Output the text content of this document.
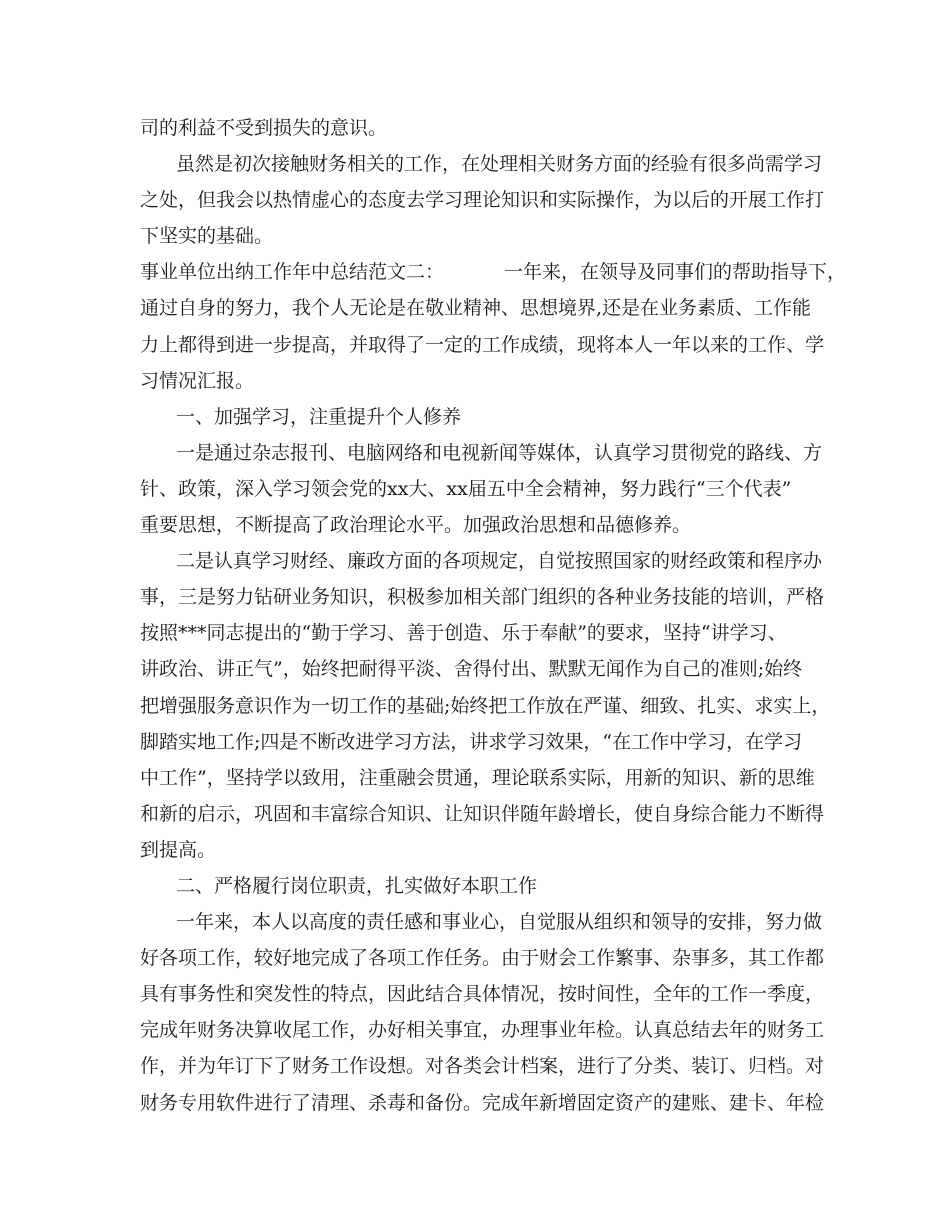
司的利益不受到损失的意识。

虽然是初次接触财务相关的工作，在处理相关财务方面的经验有很多尚需学习

之处，但我会以热情虚心的态度去学习理论知识和实际操作，为以后的开展工作打

下坚实的基础。

事业单位出纳工作年中总结范文二：	一年来，在领导及同事们的帮助指导下，

通过自身的努力，我个人无论是在敬业精神、思想境界,还是在业务素质、工作能

力上都得到进一步提高，并取得了一定的工作成绩，现将本人一年以来的工作、学

习情况汇报。

一、加强学习，注重提升个人修养

一是通过杂志报刊、电脑网络和电视新闻等媒体，认真学习贯彻党的路线、方

针、政策，深入学习领会党的xx大、xx届五中全会精神，努力践行“三个代表”

重要思想，不断提高了政治理论水平。加强政治思想和品德修养。

二是认真学习财经、廉政方面的各项规定，自觉按照国家的财经政策和程序办

事，三是努力钻研业务知识，积极参加相关部门组织的各种业务技能的培训，严格

按照***同志提出的“勤于学习、善于创造、乐于奉献”的要求，坚持“讲学习、

讲政治、讲正气”，始终把耐得平淡、舍得付出、默默无闻作为自己的准则;始终

把增强服务意识作为一切工作的基础;始终把工作放在严谨、细致、扎实、求实上，

脚踏实地工作;四是不断改进学习方法，讲求学习效果，“在工作中学习，在学习

中工作”，坚持学以致用，注重融会贯通，理论联系实际，用新的知识、新的思维

和新的启示，巩固和丰富综合知识、让知识伴随年龄增长，使自身综合能力不断得

到提高。

二、严格履行岗位职责，扎实做好本职工作

一年来，本人以高度的责任感和事业心，自觉服从组织和领导的安排，努力做

好各项工作，较好地完成了各项工作任务。由于财会工作繁事、杂事多，其工作都

具有事务性和突发性的特点，因此结合具体情况，按时间性，全年的工作一季度，

完成年财务决算收尾工作，办好相关事宜，办理事业年检。认真总结去年的财务工

作，并为年订下了财务工作设想。对各类会计档案，进行了分类、装订、归档。对

财务专用软件进行了清理、杀毒和备份。完成年新增固定资产的建账、建卡、年检
